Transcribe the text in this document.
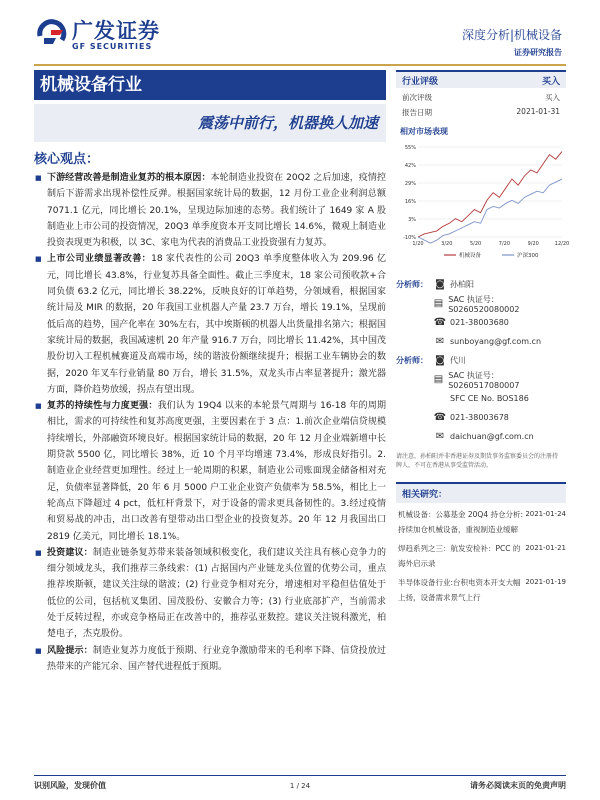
广发证券
GF SECURITIES
深度分析|机械设备
证券研究报告
机械设备行业
震荡中前行，机器换人加速
核心观点：
■ 下游经营改善是制造业复苏的根本原因：本轮制造业投资在 20Q2 之后加速，疫情控制后下游需求出现补偿性反弹。根据国家统计局的数据，12 月份工业企业利润总额 7071.1 亿元，同比增长 20.1%，呈现边际加速的态势。我们统计了 1649 家 A 股制造业上市公司的投资情况，20Q3 单季度资本开支同比增长 14.6%，微观上制造业投资表现更为积极，以 3C、家电为代表的消费品工业投资强有力复苏。
■ 上市公司业绩显著改善：18 家代表性的公司 20Q3 单季度整体收入为 209.96 亿元，同比增长 43.8%，行业复苏具备全面性。截止三季度末，18 家公司预收款+合同负债 63.2 亿元，同比增长 38.22%，反映良好的订单趋势，分领域看，根据国家统计局及 MIR 的数据，20 年我国工业机器人产量 23.7 万台，增长 19.1%，呈现前低后高的趋势，国产化率在 30%左右，其中埃斯顿的机器人出货量排名第六；根据国家统计局的数据，我国减速机 20 年产量 916.7 万台，同比增长 11.42%，其中国茂股份切入工程机械赛道及高端市场，续的谐波份额继续提升；根据工业车辆协会的数据，2020 年叉车行业销量 80 万台，增长 31.5%，双龙头市占率显著提升；激光器方面，降价趋势放缓，拐点有望出现。
■ 复苏的持续性与力度更强：我们认为 19Q4 以来的本轮景气周期与 16-18 年的周期相比，需求的可持续性和复苏高度更强，主要因素在于 3 点：1.前次企业端信贷规模持续增长，外部融资环境良好。根据国家统计局的数据，20 年 12 月企业端新增中长期贷款 5500 亿，同比增长 38%，近 10 个月平均增速 73.4%，形成良好指引。2.制造业企业经营更加理性。经过上一轮周期的积累，制造业公司账面现金储备相对充足，负债率显著降低，20 年 6 月 5000 户工业企业资产负债率为 58.5%，相比上一轮高点下降超过 4 pct，低杠杆背景下，对于设备的需求更具备韧性的。3.经过疫情和贸易战的冲击，出口改善有望带动出口型企业的投资复苏。20 年 12 月我国出口 2819 亿美元，同比增长 18.1%。
■ 投资建议：制造业链条复苏带来装备领域积极变化，我们建议关注具有核心竞争力的细分领域龙头，我们推荐三条线索：(1) 占据国内产业链龙头位置的优势公司，重点推荐埃斯顿，建议关注绿的谐波；(2) 行业竞争相对充分，增速相对平稳但估值处于低位的公司，包括杭叉集团、国茂股份、安徽合力等；(3) 行业底部扩产，当前需求处于反转过程，亦或竞争格局正在改善中的，推荐弘亚数控。建议关注锐科激光，柏楚电子，杰克股份。
■ 风险提示：制造业复苏力度低于预期、行业竞争激励带来的毛利率下降、信贷投放过热带来的产能冗余、国产替代进程低于预期。
行业评级	买入
前次评级	买入
报告日期	2021-01-31
相对市场表现
55%
42%
29%
16%
3%
-10%
1/20	3/20	5/20	7/20	9/20	12/20
机械设备	沪深300
分析师： ◙ 孙柏阳
▤ SAC 执证号：S0260520080002
☎ 021-38003680
✉ sunboyang@gf.com.cn
分析师： ◙ 代川
▤ SAC 执证号：S0260517080007
SFC CE No. BOS186
☎ 021-38003678
✉ daichuan@gf.com.cn
请注意，孙柏阳并非香港证券及期货事务监察委员会的注册持牌人，不可在香港从事受监管活动。
相关研究：
机械设备：公募基金 20Q4 持仓分析:持续加仓机械设备，重视制造业缓解
2021-01-24
焊趋系列之三：航发安检补：PCC 的海外启示录
2021-01-21
半导体设备行业:台积电资本开支大幅上扬，设备需求景气上行
2021-01-19
识别风险，发现价值	1 / 24	请务必阅读末页的免责声明
